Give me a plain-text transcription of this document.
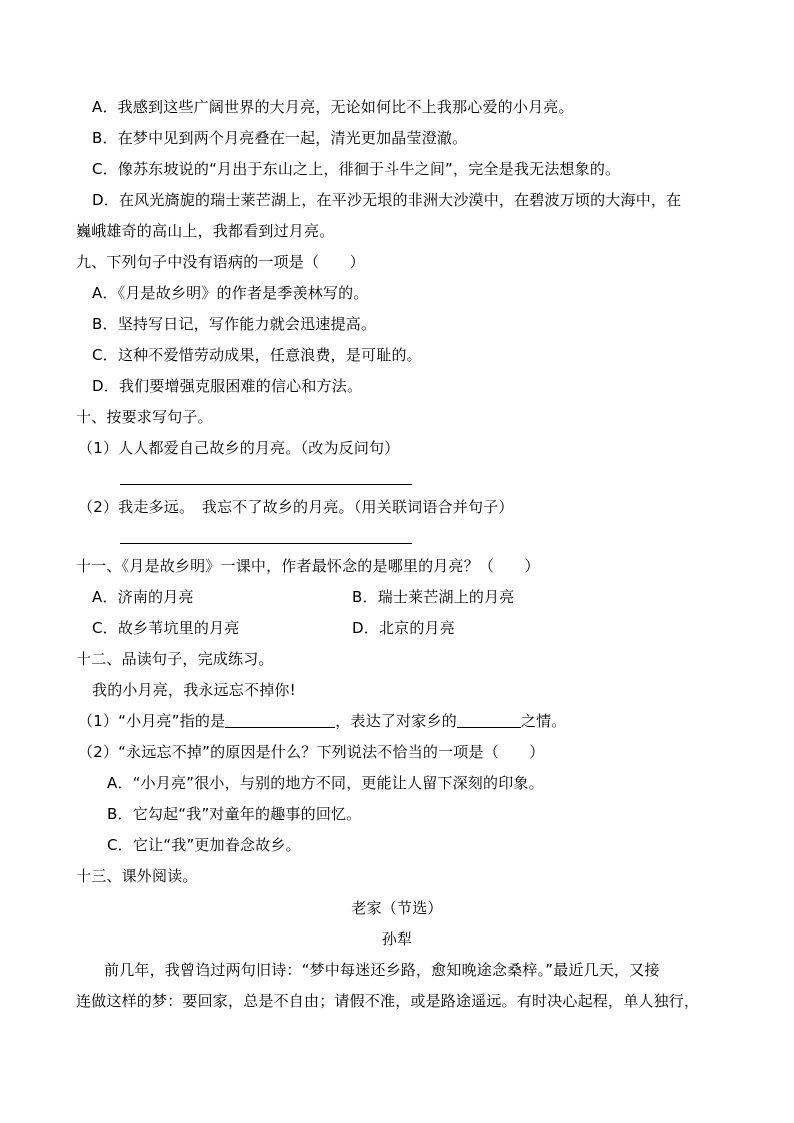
A．我感到这些广阔世界的大月亮，无论如何比不上我那心爱的小月亮。
B．在梦中见到两个月亮叠在一起，清光更加晶莹澄澈。
C．像苏东坡说的“月出于东山之上，徘徊于斗牛之间”，完全是我无法想象的。
D．在风光旖旎的瑞士莱芒湖上，在平沙无垠的非洲大沙漠中，在碧波万顷的大海中，在
巍峨雄奇的高山上，我都看到过月亮。
九、下列句子中没有语病的一项是（　　）
A．《月是故乡明》的作者是季羡林写的。
B．坚持写日记，写作能力就会迅速提高。
C．这种不爱惜劳动成果，任意浪费，是可耻的。
D．我们要增强克服困难的信心和方法。
十、按要求写句子。
（1）人人都爱自己故乡的月亮。（改为反问句）
（2）我走多远。　我忘不了故乡的月亮。（用关联词语合并句子）
十一、《月是故乡明》一课中，作者最怀念的是哪里的月亮？（　　）
A．济南的月亮	B．瑞士莱芒湖上的月亮
C．故乡苇坑里的月亮	D．北京的月亮
十二、品读句子，完成练习。
我的小月亮，我永远忘不掉你!
（1）“小月亮”指的是	，表达了对家乡的	之情。
（2）“永远忘不掉”的原因是什么？下列说法不恰当的一项是（　　）
A．“小月亮”很小，与别的地方不同，更能让人留下深刻的印象。
B．它勾起“我”对童年的趣事的回忆。
C．它让“我”更加眷念故乡。
十三、课外阅读。
老家（节选）
孙犁
前几年，我曾诌过两句旧诗：“梦中每迷还乡路，愈知晚途念桑梓。”最近几天，又接
连做这样的梦：要回家，总是不自由；请假不准，或是路途遥远。有时决心起程，单人独行，
